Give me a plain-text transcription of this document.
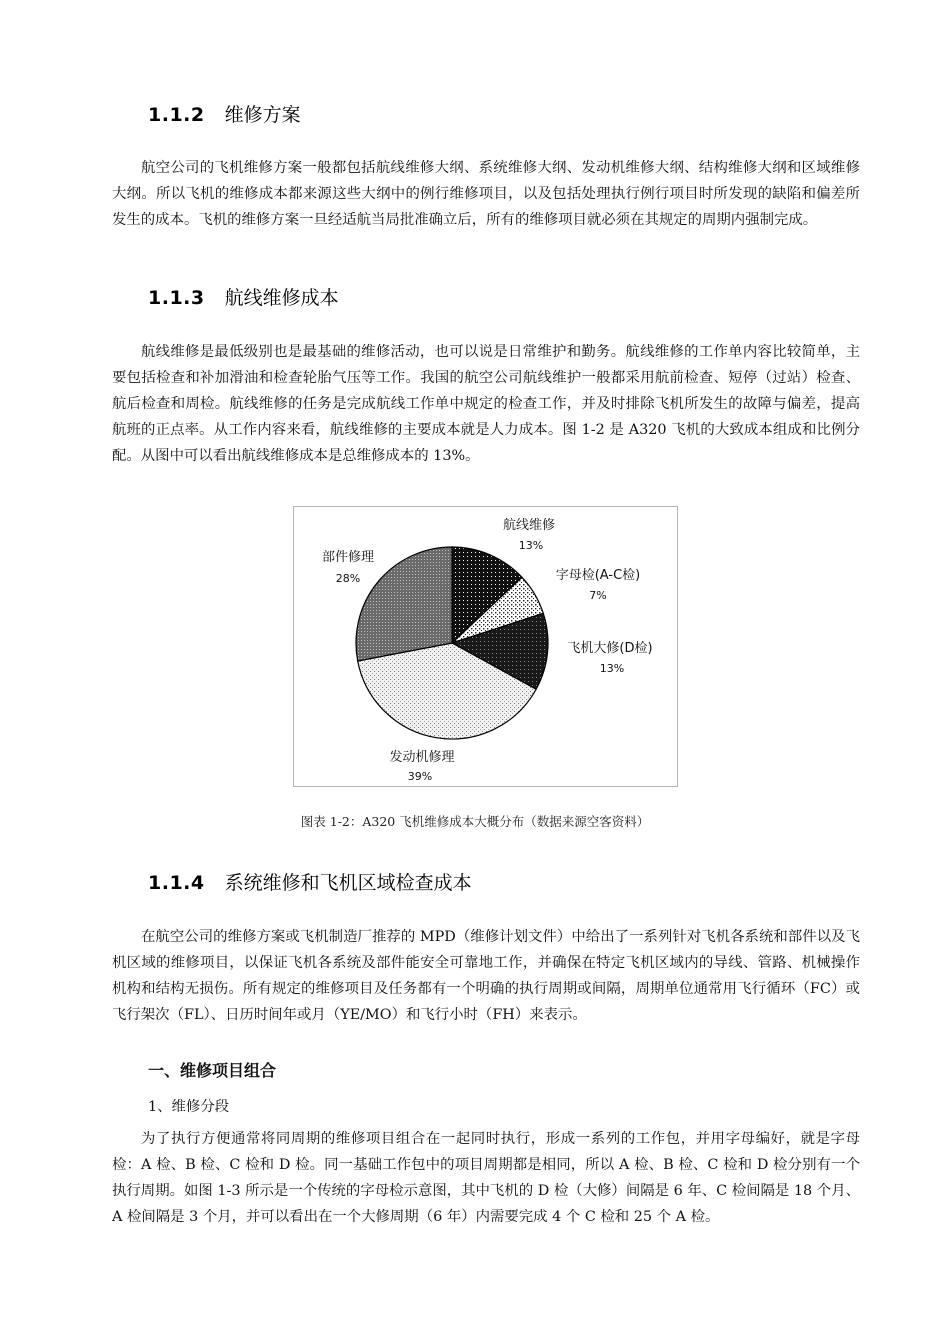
1.1.2 维修方案

航空公司的飞机维修方案一般都包括航线维修大纲、系统维修大纲、发动机维修大纲、结构维修大纲和区域维修大纲。所以飞机的维修成本都来源这些大纲中的例行维修项目，以及包括处理执行例行项目时所发现的缺陷和偏差所发生的成本。飞机的维修方案一旦经适航当局批准确立后，所有的维修项目就必须在其规定的周期内强制完成。

1.1.3 航线维修成本

航线维修是最低级别也是最基础的维修活动，也可以说是日常维护和勤务。航线维修的工作单内容比较简单，主要包括检查和补加滑油和检查轮胎气压等工作。我国的航空公司航线维护一般都采用航前检查、短停（过站）检查、航后检查和周检。航线维修的任务是完成航线工作单中规定的检查工作，并及时排除飞机所发生的故障与偏差，提高航班的正点率。从工作内容来看，航线维修的主要成本就是人力成本。图 1-2 是 A320 飞机的大致成本组成和比例分配。从图中可以看出航线维修成本是总维修成本的 13%。

航线维修
13%
字母检(A-C检)
7%
飞机大修(D检)
13%
发动机修理
39%
部件修理
28%
图表 1-2：A320 飞机维修成本大概分布（数据来源空客资料）
1.1.4 系统维修和飞机区域检查成本

在航空公司的维修方案或飞机制造厂推荐的 MPD（维修计划文件）中给出了一系列针对飞机各系统和部件以及飞机区域的维修项目，以保证飞机各系统及部件能安全可靠地工作，并确保在特定飞机区域内的导线、管路、机械操作机构和结构无损伤。所有规定的维修项目及任务都有一个明确的执行周期或间隔，周期单位通常用飞行循环（FC）或飞行架次（FL）、日历时间年或月（YE/MO）和飞行小时（FH）来表示。

一、维修项目组合
1、维修分段

为了执行方便通常将同周期的维修项目组合在一起同时执行，形成一系列的工作包，并用字母编好，就是字母检：A 检、B 检、C 检和 D 检。同一基础工作包中的项目周期都是相同，所以 A 检、B 检、C 检和 D 检分别有一个执行周期。如图 1-3 所示是一个传统的字母检示意图，其中飞机的 D 检（大修）间隔是 6 年、C 检间隔是 18 个月、A 检间隔是 3 个月，并可以看出在一个大修周期（6 年）内需要完成 4 个 C 检和 25 个 A 检。
